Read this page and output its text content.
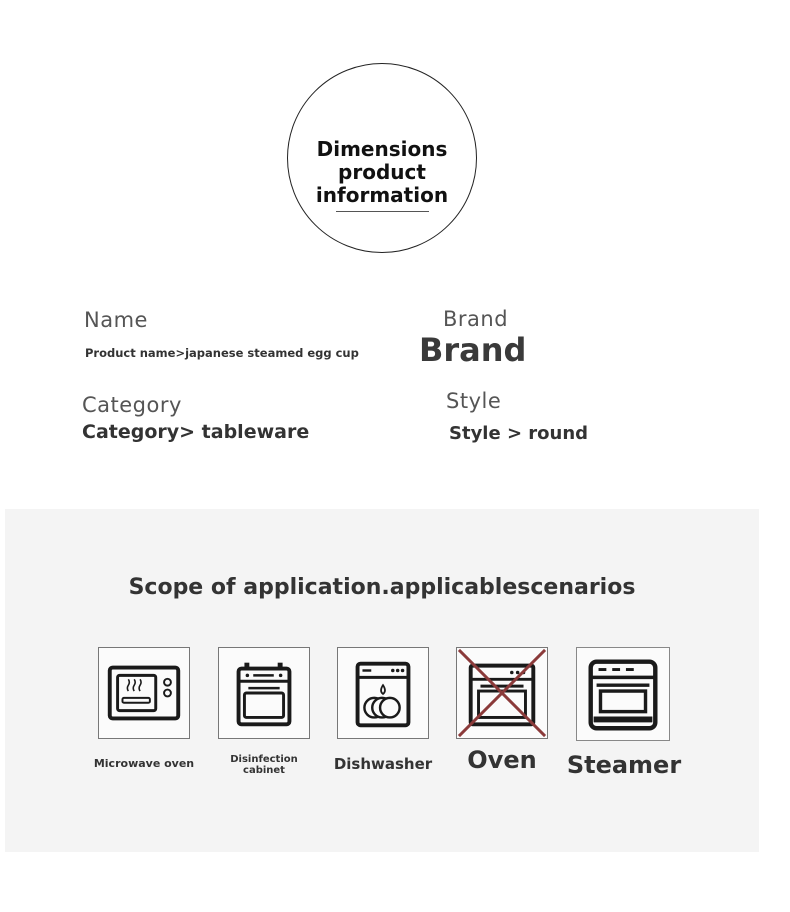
Dimensions
product
information
Name
Product name>japanese steamed egg cup
Brand
Brand
Category
Category> tableware
Style
Style > round
Scope of application.applicablescenarios
Microwave oven	Disinfection
cabinet	Dishwasher	Oven	Steamer
